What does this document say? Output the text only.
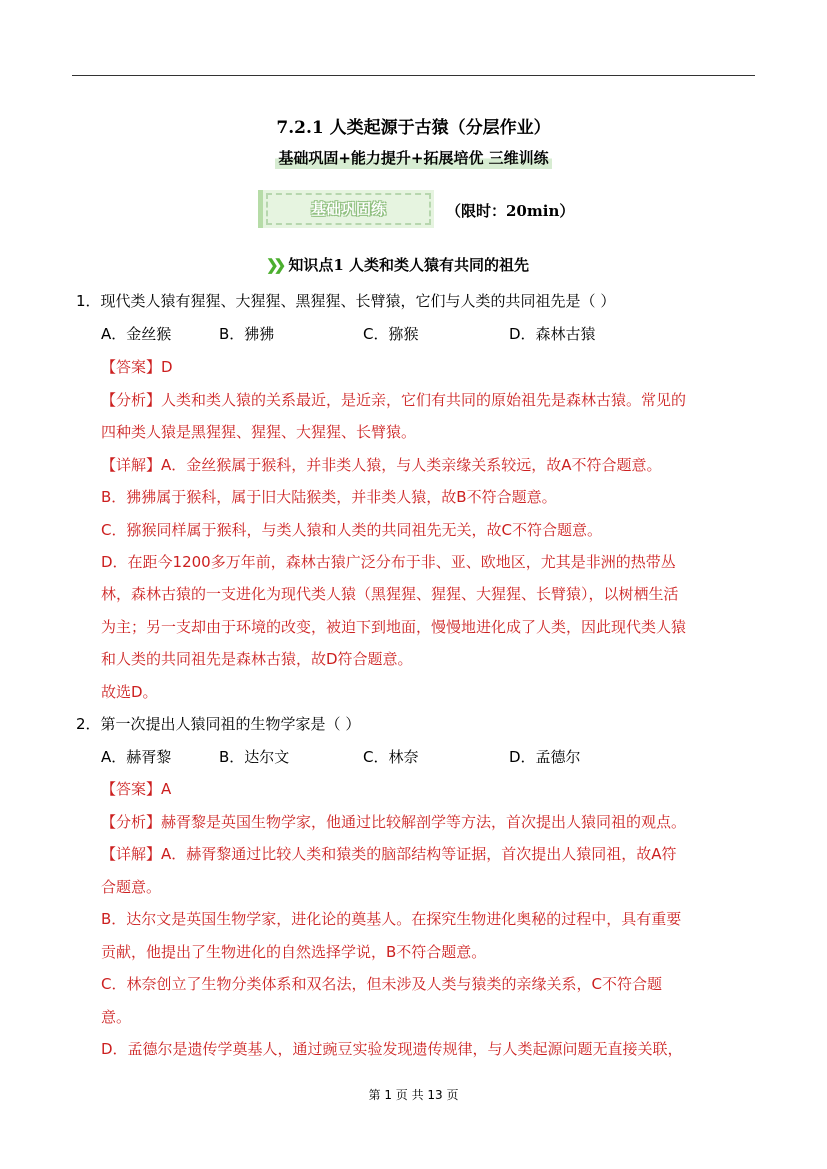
7.2.1 人类起源于古猿（分层作业）
基础巩固+能力提升+拓展培优 三维训练
基础巩固练	（限时：20min）
❯❯ 知识点1 人类和类人猿有共同的祖先
1．现代类人猿有猩猩、大猩猩、黑猩猩、长臂猿，它们与人类的共同祖先是（ ）
A．金丝猴	B．狒狒	C．猕猴	D．森林古猿
【答案】D
【分析】人类和类人猿的关系最近，是近亲，它们有共同的原始祖先是森林古猿。常见的
四种类人猿是黑猩猩、猩猩、大猩猩、长臂猿。
【详解】A．金丝猴属于猴科，并非类人猿，与人类亲缘关系较远，故A不符合题意。
B．狒狒属于猴科，属于旧大陆猴类，并非类人猿，故B不符合题意。
C．猕猴同样属于猴科，与类人猿和人类的共同祖先无关，故C不符合题意。
D．在距今1200多万年前，森林古猿广泛分布于非、亚、欧地区，尤其是非洲的热带丛
林，森林古猿的一支进化为现代类人猿（黑猩猩、猩猩、大猩猩、长臂猿），以树栖生活
为主；另一支却由于环境的改变，被迫下到地面，慢慢地进化成了人类，因此现代类人猿
和人类的共同祖先是森林古猿，故D符合题意。
故选D。
2．第一次提出人猿同祖的生物学家是（ ）
A．赫胥黎	B．达尔文	C．林奈	D．孟德尔
【答案】A
【分析】赫胥黎是英国生物学家，他通过比较解剖学等方法，首次提出人猿同祖的观点。
【详解】A．赫胥黎通过比较人类和猿类的脑部结构等证据，首次提出人猿同祖，故A符
合题意。
B．达尔文是英国生物学家，进化论的奠基人。在探究生物进化奥秘的过程中，具有重要
贡献，他提出了生物进化的自然选择学说，B不符合题意。
C．林奈创立了生物分类体系和双名法，但未涉及人类与猿类的亲缘关系，C不符合题
意。
D．孟德尔是遗传学奠基人，通过豌豆实验发现遗传规律，与人类起源问题无直接关联，
第 1 页 共 13 页
